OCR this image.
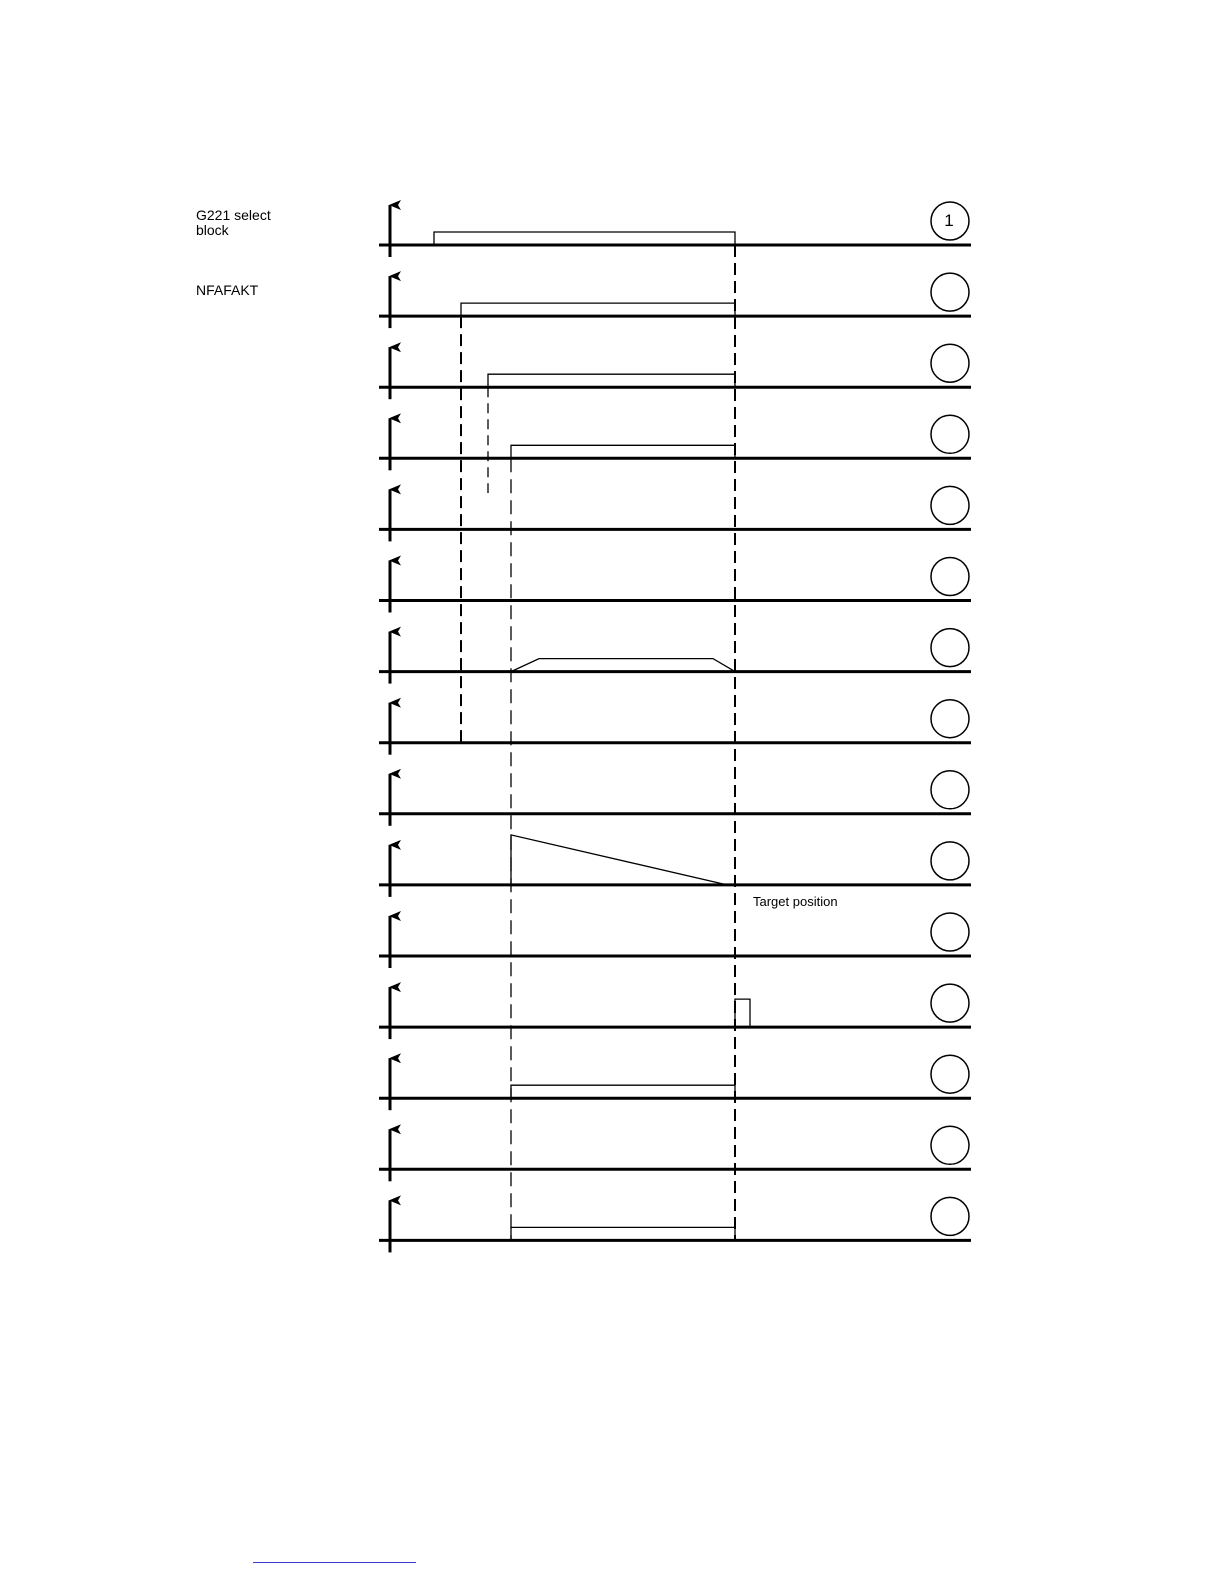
1
G221 select
block
NFAFAKT
Target position
